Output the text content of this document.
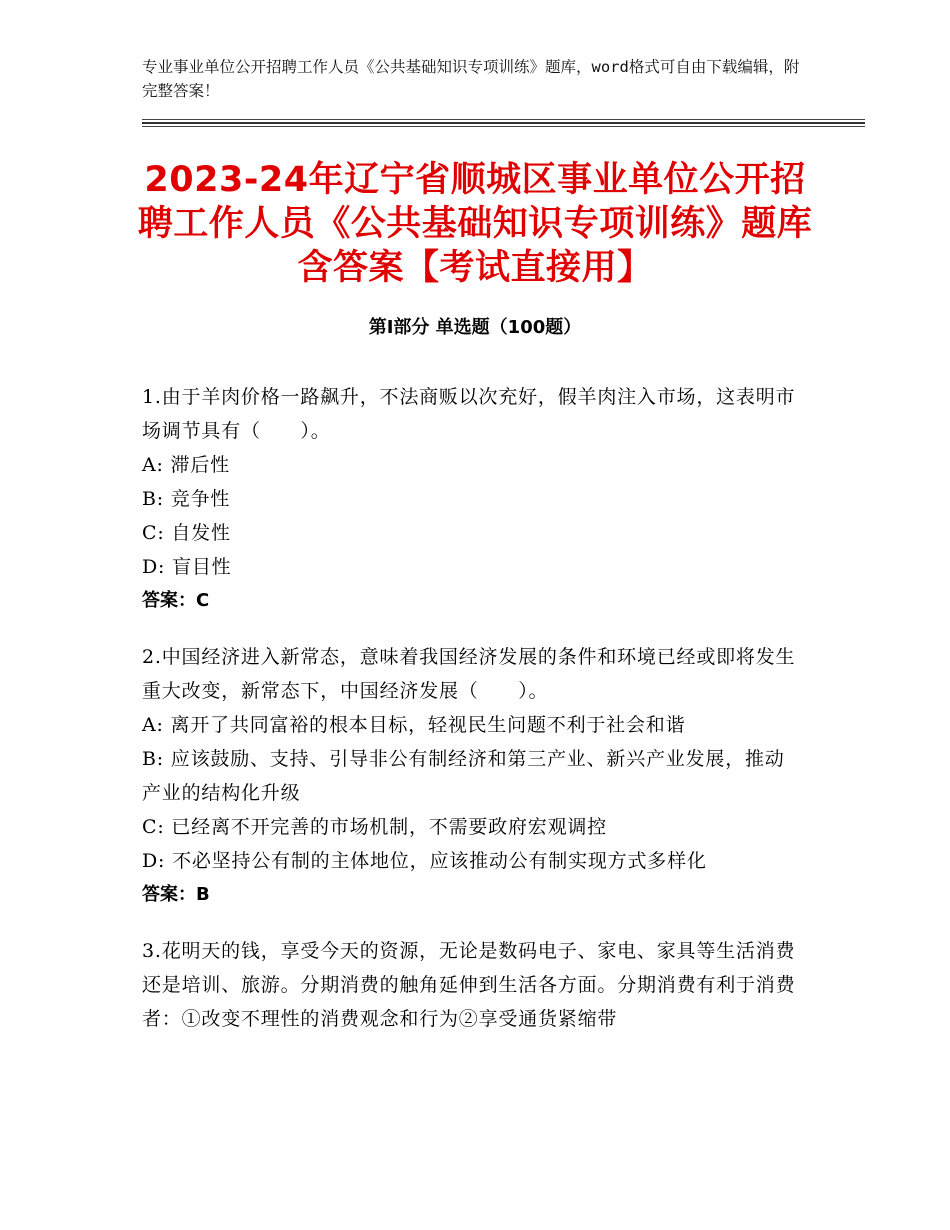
专业事业单位公开招聘工作人员《公共基础知识专项训练》题库，word格式可自由下载编辑，附完整答案！
2023-24年辽宁省顺城区事业单位公开招聘工作人员《公共基础知识专项训练》题库含答案【考试直接用】
第Ⅰ部分 单选题（100题）
1.由于羊肉价格一路飙升，不法商贩以次充好，假羊肉注入市场，这表明市场调节具有（　　）。
A: 滞后性
B: 竞争性
C: 自发性
D: 盲目性
答案：C
2.中国经济进入新常态，意味着我国经济发展的条件和环境已经或即将发生重大改变，新常态下，中国经济发展（　　）。
A: 离开了共同富裕的根本目标，轻视民生问题不利于社会和谐
B: 应该鼓励、支持、引导非公有制经济和第三产业、新兴产业发展，推动产业的结构化升级
C: 已经离不开完善的市场机制，不需要政府宏观调控
D: 不必坚持公有制的主体地位，应该推动公有制实现方式多样化
答案：B
3.花明天的钱，享受今天的资源，无论是数码电子、家电、家具等生活消费还是培训、旅游。分期消费的触角延伸到生活各方面。分期消费有利于消费者：①改变不理性的消费观念和行为②享受通货紧缩带
